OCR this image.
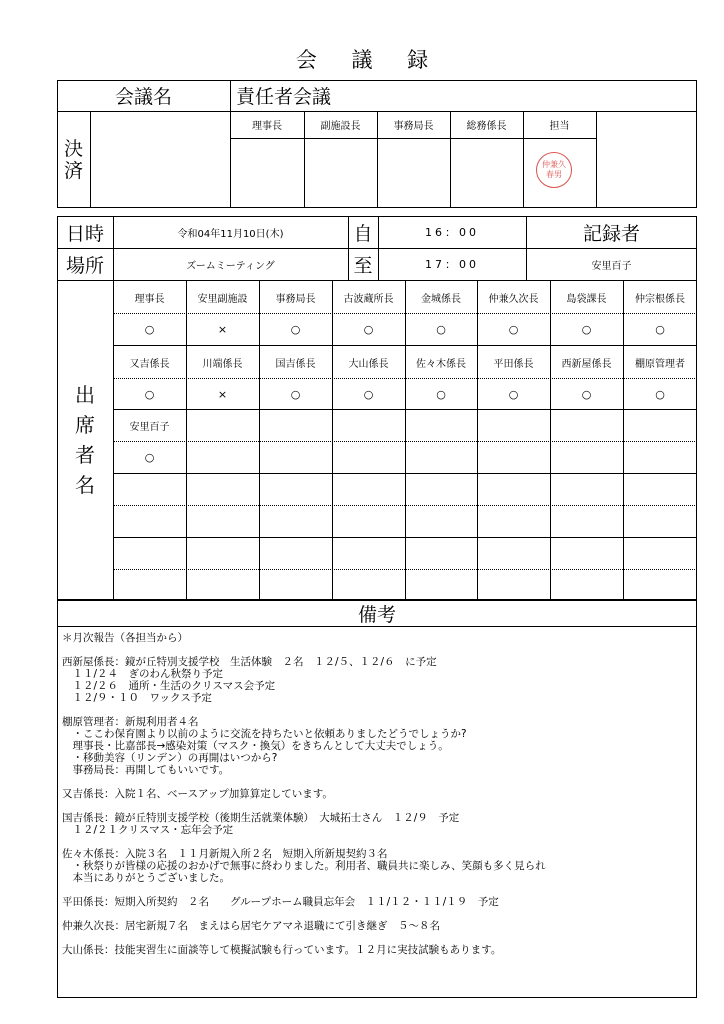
会 議 録
会議名	責任者会議
決
済
理事長	副施設長	事務局長	総務係長	担当
仲兼久
春男
日時	令和04年11月10日(木)	自	16：00	記録者
場所	ズームミーティング	至	17：00	安里百子
出
席
者
名
理事長	安里副施設	事務局長	古波蔵所長	金城係長	仲兼久次長	島袋課長	仲宗根係長
○	×	○	○	○	○	○	○
又吉係長	川端係長	国吉係長	大山係長	佐々木係長	平田係長	西新屋係長	棚原管理者
○	×	○	○	○	○	○	○
安里百子
○
備考
＊月次報告（各担当から）

西新屋係長：鏡が丘特別支援学校　生活体験　２名　１２/５、１２/６　に予定
　１１/２４　ぎのわん秋祭り予定
　１２/２６　通所・生活のクリスマス会予定
　１２/９・１０　ワックス予定

棚原管理者：新規利用者４名
　・ここわ保育園より以前のように交流を持ちたいと依頼ありましたどうでしょうか?
　理事長・比嘉部長→感染対策（マスク・換気）をきちんとして大丈夫でしょう。
　・移動美容（リンデン）の再開はいつから?
　事務局長：再開してもいいです。

又吉係長：入院１名、ベースアップ加算算定しています。

国吉係長：鏡が丘特別支援学校（後期生活就業体験）　大城拓士さん　１２/９　予定
　１２/２１クリスマス・忘年会予定

佐々木係長：入院３名　１１月新規入所２名　短期入所新規契約３名
　・秋祭りが皆様の応援のおかげで無事に終わりました。利用者、職員共に楽しみ、笑顔も多く見られ
　本当にありがとうございました。

平田係長：短期入所契約　２名　　グループホーム職員忘年会　１１/１２・１１/１９　予定

仲兼久次長：居宅新規７名　まえはら居宅ケアマネ退職にて引き継ぎ　５～８名

大山係長：技能実習生に面談等して模擬試験も行っています。１２月に実技試験もあります。
